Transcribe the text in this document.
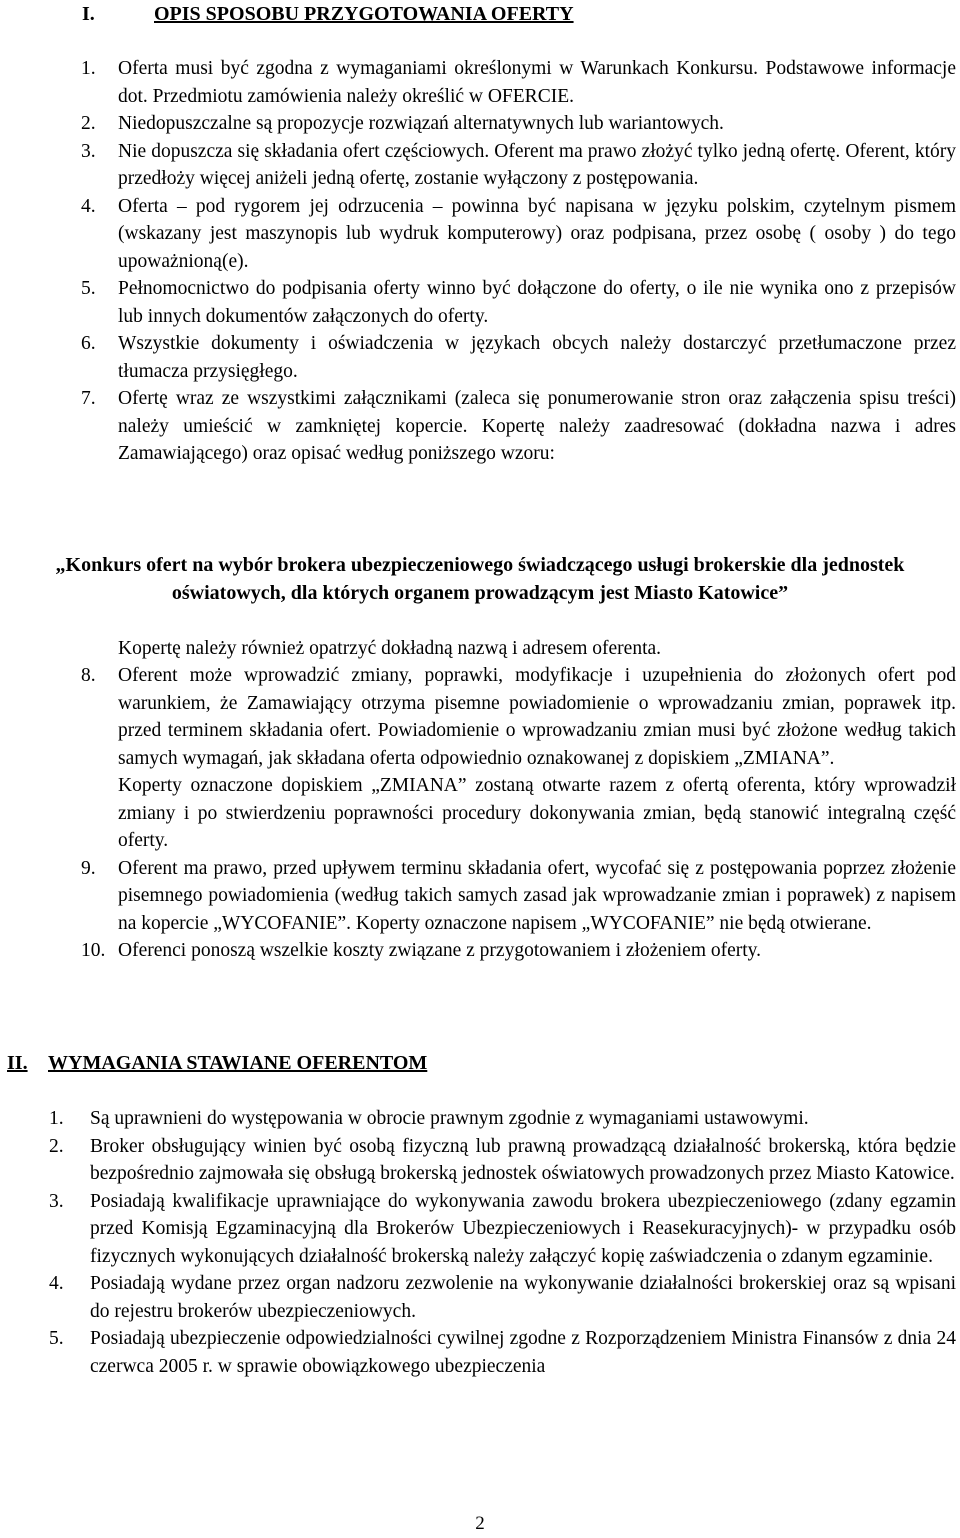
I.	OPIS SPOSOBU PRZYGOTOWANIA OFERTY
1. Oferta musi być zgodna z wymaganiami określonymi w Warunkach Konkursu. Podstawowe informacje dot. Przedmiotu zamówienia należy określić w OFERCIE.

2. Niedopuszczalne są propozycje rozwiązań alternatywnych lub wariantowych.

3. Nie dopuszcza się składania ofert częściowych. Oferent ma prawo złożyć tylko jedną ofertę. Oferent, który przedłoży więcej aniżeli jedną ofertę, zostanie wyłączony z postępowania.

4. Oferta – pod rygorem jej odrzucenia – powinna być napisana w języku polskim, czytelnym pismem (wskazany jest maszynopis lub wydruk komputerowy) oraz podpisana, przez osobę ( osoby ) do tego upoważnioną(e).

5. Pełnomocnictwo do podpisania oferty winno być dołączone do oferty, o ile nie wynika ono z przepisów lub innych dokumentów załączonych do oferty.

6. Wszystkie dokumenty i oświadczenia w językach obcych należy dostarczyć przetłumaczone przez tłumacza przysięgłego.

7. Ofertę wraz ze wszystkimi załącznikami (zaleca się ponumerowanie stron oraz załączenia spisu treści) należy umieścić w zamkniętej kopercie. Kopertę należy zaadresować (dokładna nazwa i adres Zamawiającego) oraz opisać według poniższego wzoru:

„Konkurs ofert na wybór brokera ubezpieczeniowego świadczącego usługi brokerskie dla jednostek oświatowych, dla których organem prowadzącym jest Miasto Katowice”
Kopertę należy również opatrzyć dokładną nazwą i adresem oferenta.
8. Oferent może wprowadzić zmiany, poprawki, modyfikacje i uzupełnienia do złożonych ofert pod warunkiem, że Zamawiający otrzyma pisemne powiadomienie o wprowadzaniu zmian, poprawek itp. przed terminem składania ofert. Powiadomienie o wprowadzaniu zmian musi być złożone według takich samych wymagań, jak składana oferta odpowiednio oznakowanej z dopiskiem „ZMIANA”.

Koperty oznaczone dopiskiem „ZMIANA” zostaną otwarte razem z ofertą oferenta, który wprowadził zmiany i po stwierdzeniu poprawności procedury dokonywania zmian, będą stanowić integralną część oferty.

9. Oferent ma prawo, przed upływem terminu składania ofert, wycofać się z postępowania poprzez złożenie pisemnego powiadomienia (według takich samych zasad jak wprowadzanie zmian i poprawek) z napisem na kopercie „WYCOFANIE”. Koperty oznaczone napisem „WYCOFANIE” nie będą otwierane.

10. Oferenci ponoszą wszelkie koszty związane z przygotowaniem i złożeniem oferty.

II. WYMAGANIA STAWIANE OFERENTOM
1. Są uprawnieni do występowania w obrocie prawnym zgodnie z wymaganiami ustawowymi.

2. Broker obsługujący winien być osobą fizyczną lub prawną prowadzącą działalność brokerską, która będzie bezpośrednio zajmowała się obsługą brokerską jednostek oświatowych prowadzonych przez Miasto Katowice.

3. Posiadają kwalifikacje uprawniające do wykonywania zawodu brokera ubezpieczeniowego (zdany egzamin przed Komisją Egzaminacyjną dla Brokerów Ubezpieczeniowych i Reasekuracyjnych)- w przypadku osób fizycznych wykonujących działalność brokerską należy załączyć kopię zaświadczenia o zdanym egzaminie.

4. Posiadają wydane przez organ nadzoru zezwolenie na wykonywanie działalności brokerskiej oraz są wpisani do rejestru brokerów ubezpieczeniowych.

5. Posiadają ubezpieczenie odpowiedzialności cywilnej zgodne z Rozporządzeniem Ministra Finansów z dnia 24 czerwca 2005 r. w sprawie obowiązkowego ubezpieczenia

2
